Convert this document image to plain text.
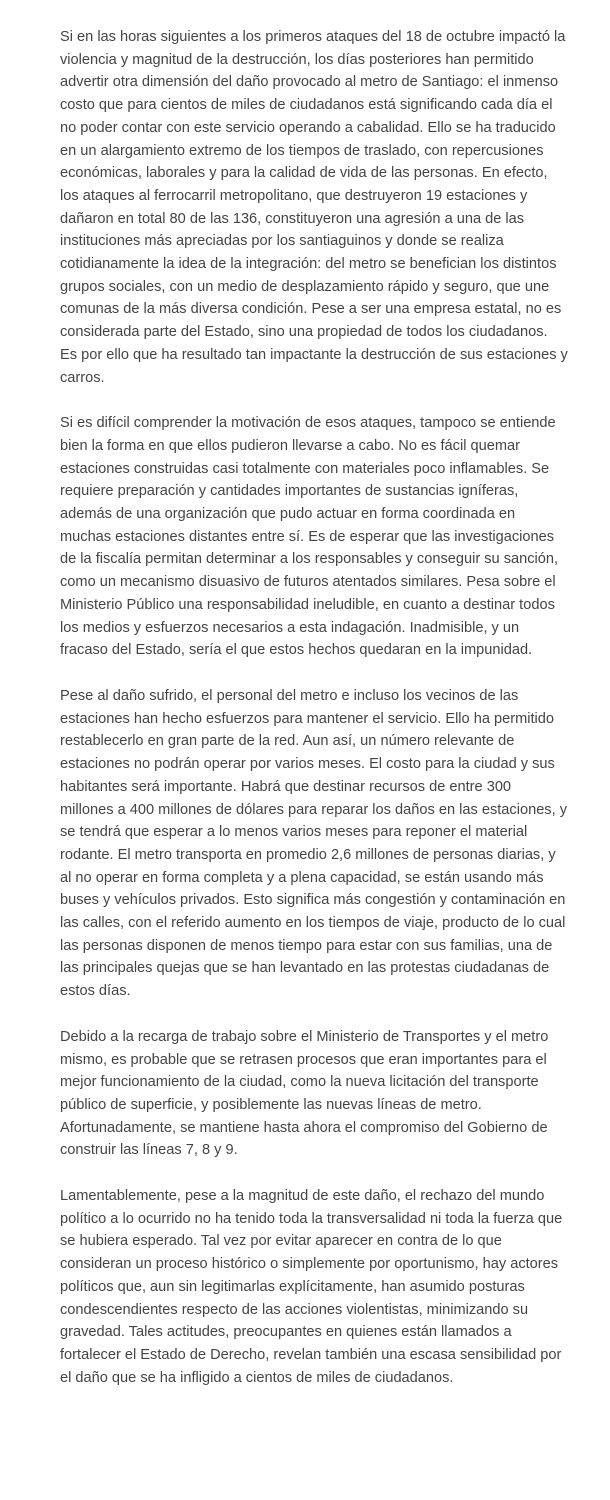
Si en las horas siguientes a los primeros ataques del 18 de octubre impactó la violencia y magnitud de la destrucción, los días posteriores han permitido advertir otra dimensión del daño provocado al metro de Santiago: el inmenso costo que para cientos de miles de ciudadanos está significando cada día el no poder contar con este servicio operando a cabalidad. Ello se ha traducido en un alargamiento extremo de los tiempos de traslado, con repercusiones económicas, laborales y para la calidad de vida de las personas. En efecto, los ataques al ferrocarril metropolitano, que destruyeron 19 estaciones y dañaron en total 80 de las 136, constituyeron una agresión a una de las instituciones más apreciadas por los santiaguinos y donde se realiza cotidianamente la idea de la integración: del metro se benefician los distintos grupos sociales, con un medio de desplazamiento rápido y seguro, que une comunas de la más diversa condición. Pese a ser una empresa estatal, no es considerada parte del Estado, sino una propiedad de todos los ciudadanos. Es por ello que ha resultado tan impactante la destrucción de sus estaciones y carros.

Si es difícil comprender la motivación de esos ataques, tampoco se entiende bien la forma en que ellos pudieron llevarse a cabo. No es fácil quemar estaciones construidas casi totalmente con materiales poco inflamables. Se requiere preparación y cantidades importantes de sustancias igníferas, además de una organización que pudo actuar en forma coordinada en muchas estaciones distantes entre sí. Es de esperar que las investigaciones de la fiscalía permitan determinar a los responsables y conseguir su sanción, como un mecanismo disuasivo de futuros atentados similares. Pesa sobre el Ministerio Público una responsabilidad ineludible, en cuanto a destinar todos los medios y esfuerzos necesarios a esta indagación. Inadmisible, y un fracaso del Estado, sería el que estos hechos quedaran en la impunidad.

Pese al daño sufrido, el personal del metro e incluso los vecinos de las estaciones han hecho esfuerzos para mantener el servicio. Ello ha permitido restablecerlo en gran parte de la red. Aun así, un número relevante de estaciones no podrán operar por varios meses. El costo para la ciudad y sus habitantes será importante. Habrá que destinar recursos de entre 300 millones a 400 millones de dólares para reparar los daños en las estaciones, y se tendrá que esperar a lo menos varios meses para reponer el material rodante. El metro transporta en promedio 2,6 millones de personas diarias, y al no operar en forma completa y a plena capacidad, se están usando más buses y vehículos privados. Esto significa más congestión y contaminación en las calles, con el referido aumento en los tiempos de viaje, producto de lo cual las personas disponen de menos tiempo para estar con sus familias, una de las principales quejas que se han levantado en las protestas ciudadanas de estos días.

Debido a la recarga de trabajo sobre el Ministerio de Transportes y el metro mismo, es probable que se retrasen procesos que eran importantes para el mejor funcionamiento de la ciudad, como la nueva licitación del transporte público de superficie, y posiblemente las nuevas líneas de metro. Afortunadamente, se mantiene hasta ahora el compromiso del Gobierno de construir las líneas 7, 8 y 9.

Lamentablemente, pese a la magnitud de este daño, el rechazo del mundo político a lo ocurrido no ha tenido toda la transversalidad ni toda la fuerza que se hubiera esperado. Tal vez por evitar aparecer en contra de lo que consideran un proceso histórico o simplemente por oportunismo, hay actores políticos que, aun sin legitimarlas explícitamente, han asumido posturas condescendientes respecto de las acciones violentistas, minimizando su gravedad. Tales actitudes, preocupantes en quienes están llamados a fortalecer el Estado de Derecho, revelan también una escasa sensibilidad por el daño que se ha infligido a cientos de miles de ciudadanos.
